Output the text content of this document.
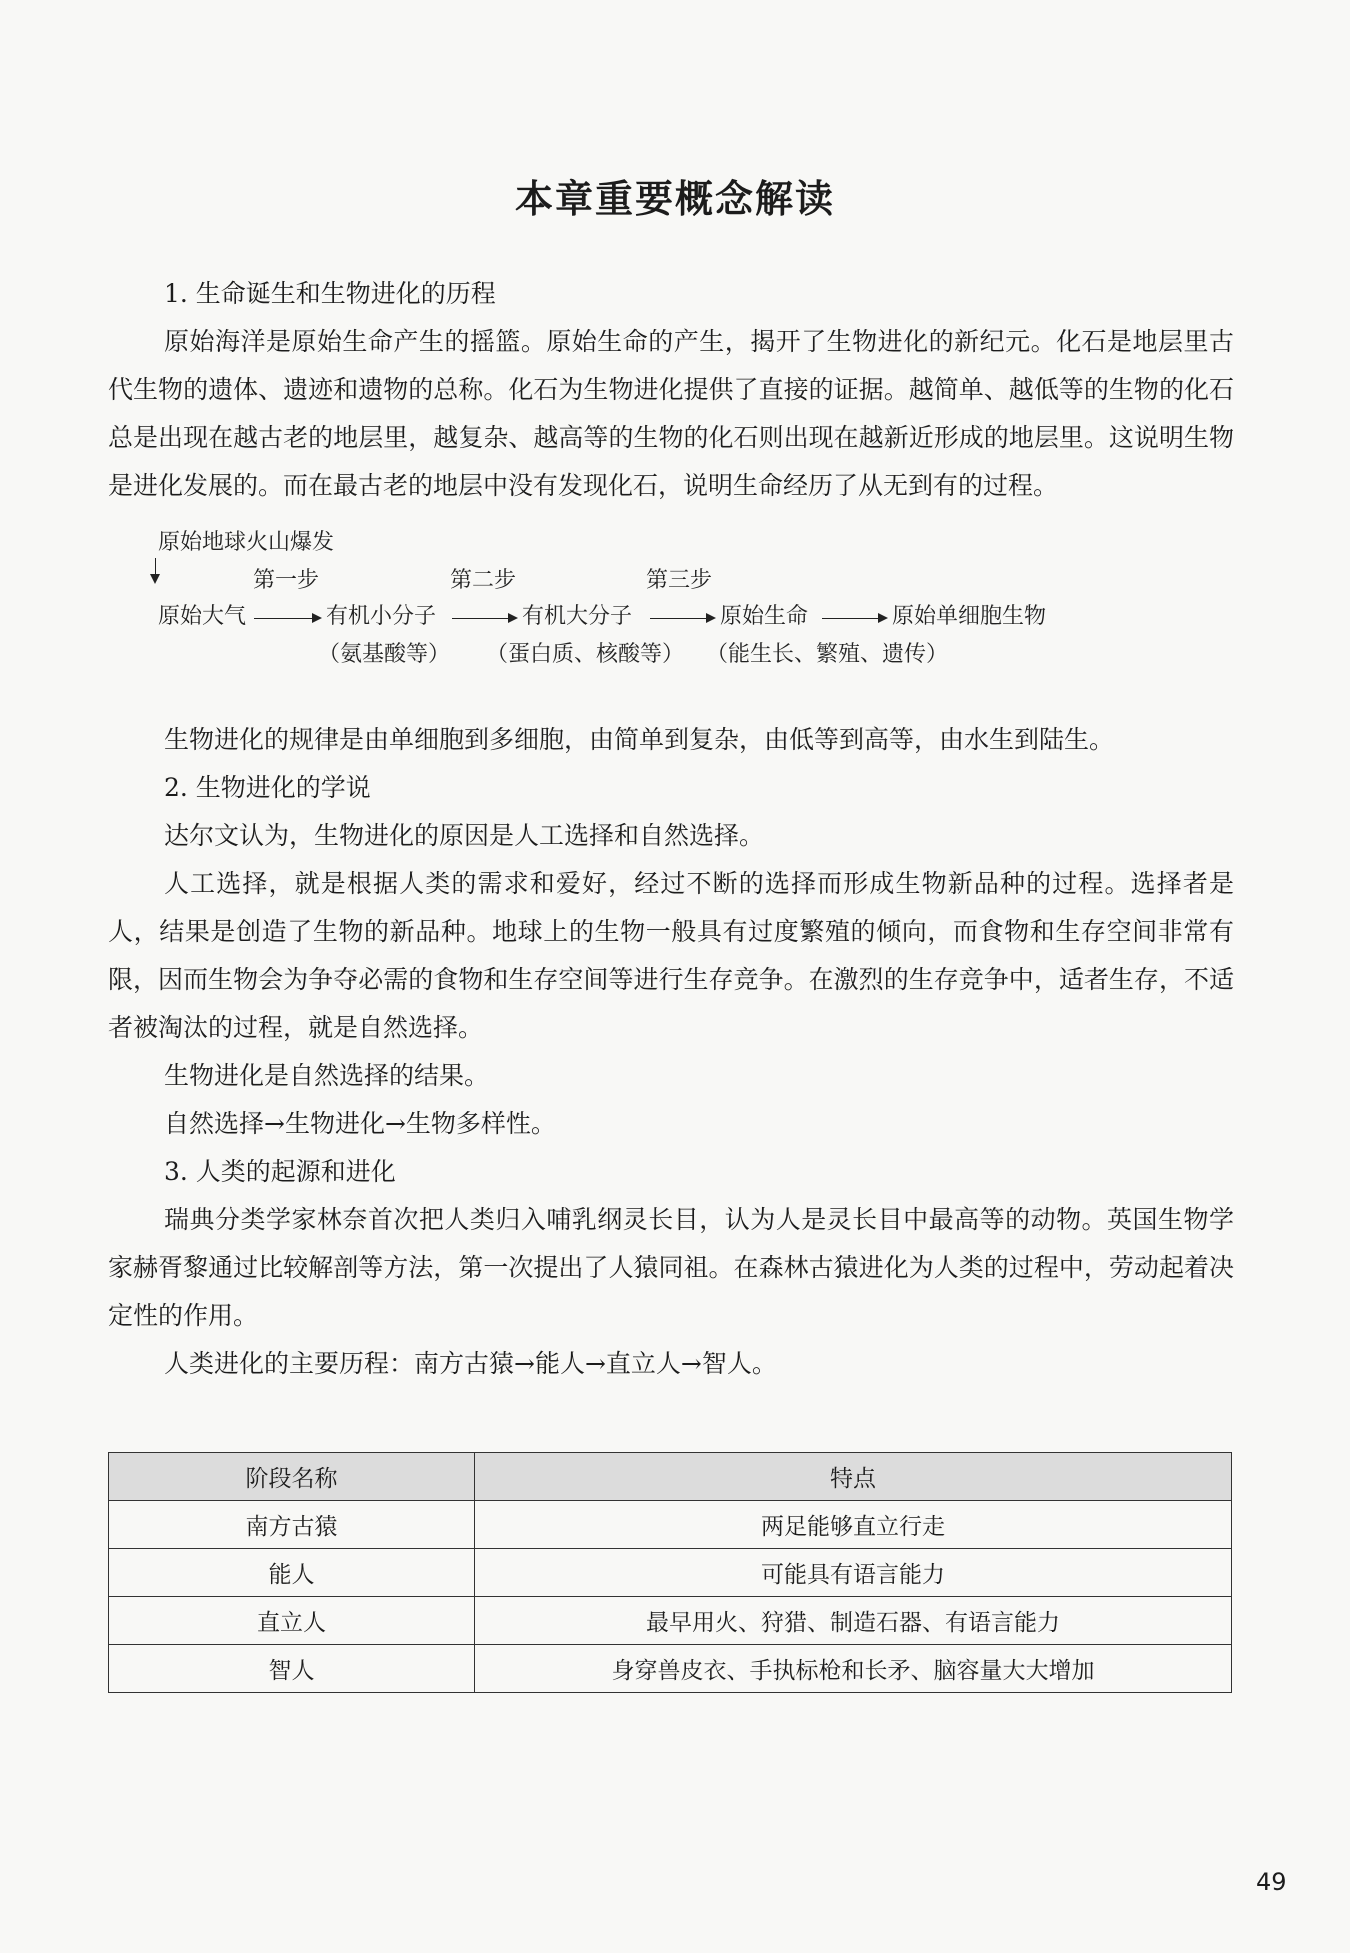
本章重要概念解读

1. 生命诞生和生物进化的历程

原始海洋是原始生命产生的摇篮。原始生命的产生，揭开了生物进化的新纪元。化石是地层里古代生物的遗体、遗迹和遗物的总称。化石为生物进化提供了直接的证据。越简单、越低等的生物的化石总是出现在越古老的地层里，越复杂、越高等的生物的化石则出现在越新近形成的地层里。这说明生物是进化发展的。而在最古老的地层中没有发现化石，说明生命经历了从无到有的过程。

原始地球火山爆发
第一步	第二步	第三步
原始大气	有机小分子	有机大分子	原始生命	原始单细胞生物
（氨基酸等） （蛋白质、核酸等） （能生长、繁殖、遗传）

生物进化的规律是由单细胞到多细胞，由简单到复杂，由低等到高等，由水生到陆生。

2. 生物进化的学说

达尔文认为，生物进化的原因是人工选择和自然选择。

人工选择，就是根据人类的需求和爱好，经过不断的选择而形成生物新品种的过程。选择者是人，结果是创造了生物的新品种。地球上的生物一般具有过度繁殖的倾向，而食物和生存空间非常有限，因而生物会为争夺必需的食物和生存空间等进行生存竞争。在激烈的生存竞争中，适者生存，不适者被淘汰的过程，就是自然选择。

生物进化是自然选择的结果。

自然选择→生物进化→生物多样性。

3. 人类的起源和进化

瑞典分类学家林奈首次把人类归入哺乳纲灵长目，认为人是灵长目中最高等的动物。英国生物学家赫胥黎通过比较解剖等方法，第一次提出了人猿同祖。在森林古猿进化为人类的过程中，劳动起着决定性的作用。

人类进化的主要历程：南方古猿→能人→直立人→智人。

阶段名称	特点
南方古猿	两足能够直立行走
能人	可能具有语言能力
直立人	最早用火、狩猎、制造石器、有语言能力
智人	身穿兽皮衣、手执标枪和长矛、脑容量大大增加
49
